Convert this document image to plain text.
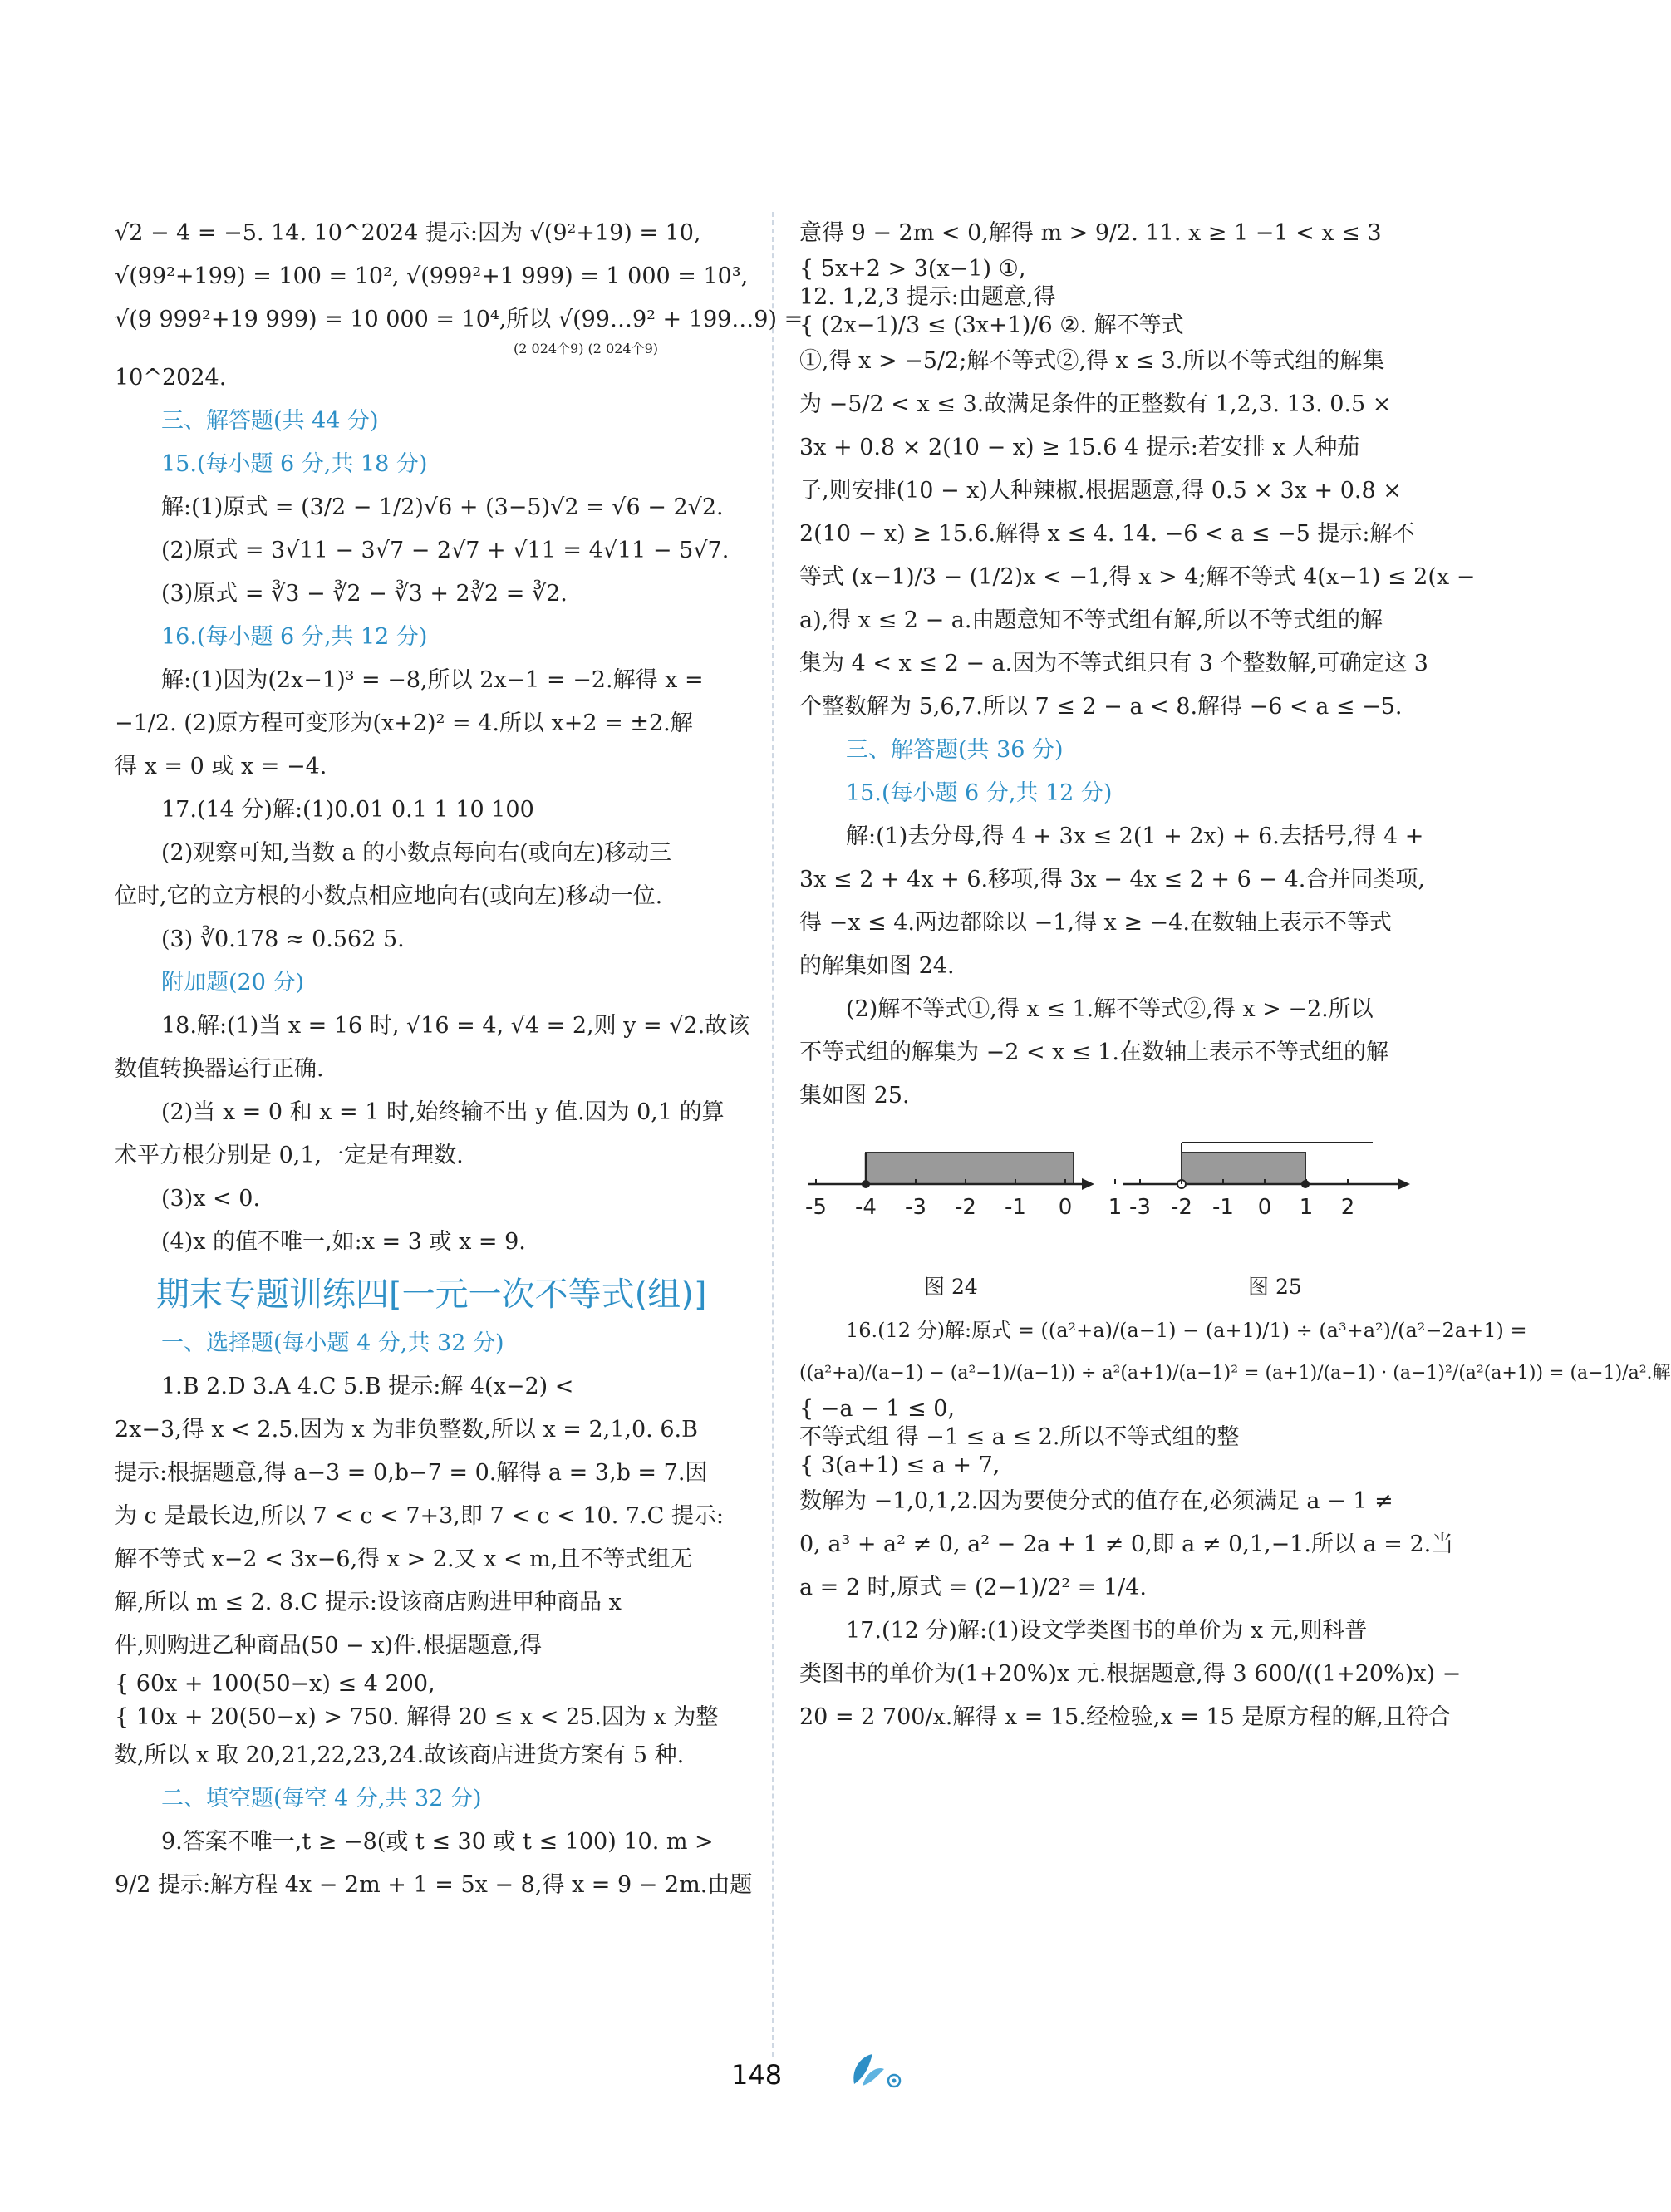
√2 − 4 = −5. 14. 10^2024 提示:因为 √(9²+19) = 10,

√(99²+199) = 100 = 10², √(999²+1 999) = 1 000 = 10³,

√(9 999²+19 999) = 10 000 = 10⁴,所以 √(99…9² + 199…9) =

(2 024个9) (2 024个9)

10^2024.

三、解答题(共 44 分)

15.(每小题 6 分,共 18 分)

解:(1)原式 = (3/2 − 1/2)√6 + (3−5)√2 = √6 − 2√2.

(2)原式 = 3√11 − 3√7 − 2√7 + √11 = 4√11 − 5√7.

(3)原式 = ∛3 − ∛2 − ∛3 + 2∛2 = ∛2.

16.(每小题 6 分,共 12 分)

解:(1)因为(2x−1)³ = −8,所以 2x−1 = −2.解得 x =

−1/2. (2)原方程可变形为(x+2)² = 4.所以 x+2 = ±2.解

得 x = 0 或 x = −4.

17.(14 分)解:(1)0.01 0.1 1 10 100

(2)观察可知,当数 a 的小数点每向右(或向左)移动三

位时,它的立方根的小数点相应地向右(或向左)移动一位.

(3) ∛0.178 ≈ 0.562 5.

附加题(20 分)

18.解:(1)当 x = 16 时, √16 = 4, √4 = 2,则 y = √2.故该

数值转换器运行正确.

(2)当 x = 0 和 x = 1 时,始终输不出 y 值.因为 0,1 的算

术平方根分别是 0,1,一定是有理数.

(3)x < 0.

(4)x 的值不唯一,如:x = 3 或 x = 9.

期末专题训练四[一元一次不等式(组)]

一、选择题(每小题 4 分,共 32 分)

1.B 2.D 3.A 4.C 5.B 提示:解 4(x−2) <

2x−3,得 x < 2.5.因为 x 为非负整数,所以 x = 2,1,0. 6.B

提示:根据题意,得 a−3 = 0,b−7 = 0.解得 a = 3,b = 7.因

为 c 是最长边,所以 7 < c < 7+3,即 7 < c < 10. 7.C 提示:

解不等式 x−2 < 3x−6,得 x > 2.又 x < m,且不等式组无

解,所以 m ≤ 2. 8.C 提示:设该商店购进甲种商品 x

件,则购进乙种商品(50 − x)件.根据题意,得

{ 60x + 100(50−x) ≤ 4 200,

{ 10x + 20(50−x) > 750. 解得 20 ≤ x < 25.因为 x 为整

数,所以 x 取 20,21,22,23,24.故该商店进货方案有 5 种.

二、填空题(每空 4 分,共 32 分)

9.答案不唯一,t ≥ −8(或 t ≤ 30 或 t ≤ 100) 10. m >

9/2 提示:解方程 4x − 2m + 1 = 5x − 8,得 x = 9 − 2m.由题

意得 9 − 2m < 0,解得 m > 9/2. 11. x ≥ 1 −1 < x ≤ 3

{ 5x+2 > 3(x−1) ①,

12. 1,2,3 提示:由题意,得

{ (2x−1)/3 ≤ (3x+1)/6 ②. 解不等式

①,得 x > −5/2;解不等式②,得 x ≤ 3.所以不等式组的解集

为 −5/2 < x ≤ 3.故满足条件的正整数有 1,2,3. 13. 0.5 ×

3x + 0.8 × 2(10 − x) ≥ 15.6 4 提示:若安排 x 人种茄

子,则安排(10 − x)人种辣椒.根据题意,得 0.5 × 3x + 0.8 ×

2(10 − x) ≥ 15.6.解得 x ≤ 4. 14. −6 < a ≤ −5 提示:解不

等式 (x−1)/3 − (1/2)x < −1,得 x > 4;解不等式 4(x−1) ≤ 2(x −

a),得 x ≤ 2 − a.由题意知不等式组有解,所以不等式组的解

集为 4 < x ≤ 2 − a.因为不等式组只有 3 个整数解,可确定这 3

个整数解为 5,6,7.所以 7 ≤ 2 − a < 8.解得 −6 < a ≤ −5.

三、解答题(共 36 分)

15.(每小题 6 分,共 12 分)

解:(1)去分母,得 4 + 3x ≤ 2(1 + 2x) + 6.去括号,得 4 +

3x ≤ 2 + 4x + 6.移项,得 3x − 4x ≤ 2 + 6 − 4.合并同类项,

得 −x ≤ 4.两边都除以 −1,得 x ≥ −4.在数轴上表示不等式

的解集如图 24.

(2)解不等式①,得 x ≤ 1.解不等式②,得 x > −2.所以

不等式组的解集为 −2 < x ≤ 1.在数轴上表示不等式组的解

集如图 25.

-5 -4 -3 -2 -1 0 1
图 24
-3 -2 -1 0 1 2
图 25

16.(12 分)解:原式 = ((a²+a)/(a−1) − (a+1)/1) ÷ (a³+a²)/(a²−2a+1) =

((a²+a)/(a−1) − (a²−1)/(a−1)) ÷ a²(a+1)/(a−1)² = (a+1)/(a−1) · (a−1)²/(a²(a+1)) = (a−1)/a².解

{ −a − 1 ≤ 0,

不等式组 得 −1 ≤ a ≤ 2.所以不等式组的整

{ 3(a+1) ≤ a + 7,

数解为 −1,0,1,2.因为要使分式的值存在,必须满足 a − 1 ≠

0, a³ + a² ≠ 0, a² − 2a + 1 ≠ 0,即 a ≠ 0,1,−1.所以 a = 2.当

a = 2 时,原式 = (2−1)/2² = 1/4.

17.(12 分)解:(1)设文学类图书的单价为 x 元,则科普

类图书的单价为(1+20%)x 元.根据题意,得 3 600/((1+20%)x) −

20 = 2 700/x.解得 x = 15.经检验,x = 15 是原方程的解,且符合

148
